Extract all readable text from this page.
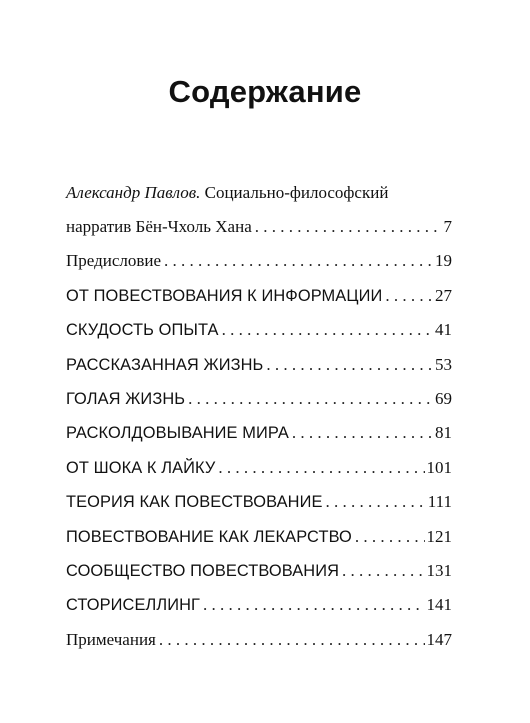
Содержание
Александр Павлов. Социально-философский
нарратив Бён-Чхоль Хана . . .	7
Предисловие . . .	19
ОТ ПОВЕСТВОВАНИЯ К ИНФОРМАЦИИ . . .	27
СКУДОСТЬ ОПЫТА . . .	41
РАССКАЗАННАЯ ЖИЗНЬ . . .	53
ГОЛАЯ ЖИЗНЬ . . .	69
РАСКОЛДОВЫВАНИЕ МИРА . . .	81
ОТ ШОКА К ЛАЙКУ . . .	101
ТЕОРИЯ КАК ПОВЕСТВОВАНИЕ . . .	111
ПОВЕСТВОВАНИЕ КАК ЛЕКАРСТВО . . .	121
СООБЩЕСТВО ПОВЕСТВОВАНИЯ . . .	131
СТОРИСЕЛЛИНГ . . .	141
Примечания . . .	147
